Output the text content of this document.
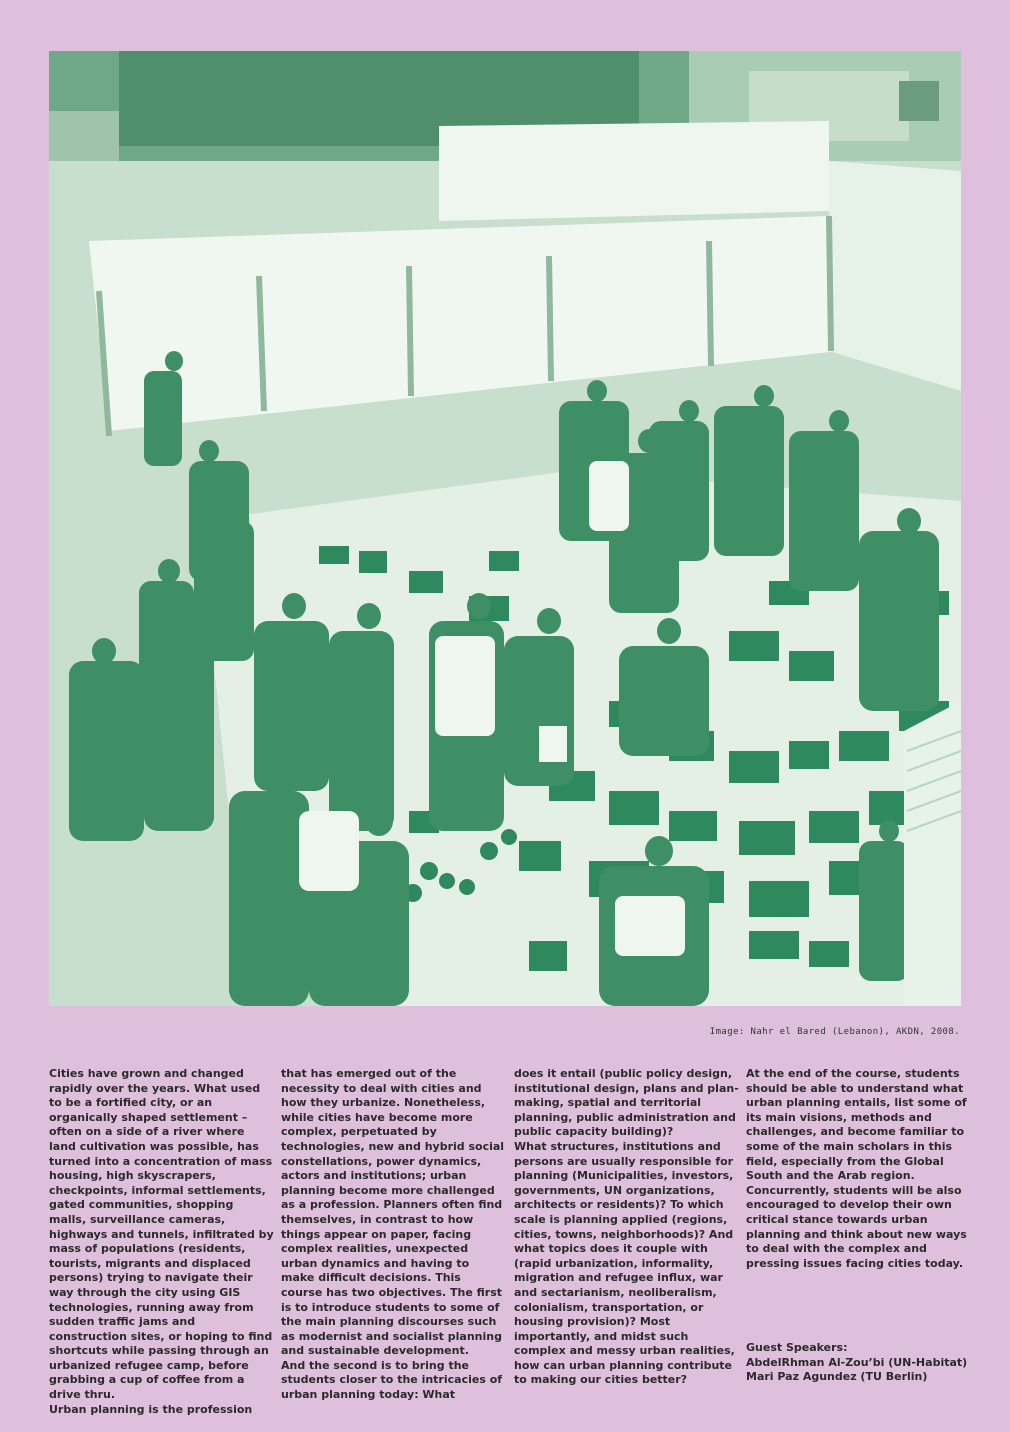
Image: Nahr el Bared (Lebanon), AKDN, 2008.

Cities have grown and changed rapidly over the years. What used to be a fortified city, or an organically shaped settlement – often on a side of a river where land cultivation was possible, has turned into a concentration of mass housing, high skyscrapers, checkpoints, informal settlements, gated communities, shopping malls, surveillance cameras, highways and tunnels, infiltrated by mass of populations (residents, tourists, migrants and displaced persons) trying to navigate their way through the city using GIS technologies, running away from sudden traffic jams and construction sites, or hoping to find shortcuts while passing through an urbanized refugee camp, before grabbing a cup of coffee from a drive thru.

Urban planning is the profession

that has emerged out of the necessity to deal with cities and how they urbanize. Nonetheless, while cities have become more complex, perpetuated by technologies, new and hybrid social constellations, power dynamics, actors and institutions; urban planning become more challenged as a profession. Planners often find themselves, in contrast to how things appear on paper, facing complex realities, unexpected urban dynamics and having to make difficult decisions. This course has two objectives. The first is to introduce students to some of the main planning discourses such as modernist and socialist planning and sustainable development.

And the second is to bring the students closer to the intricacies of urban planning today: What

does it entail (public policy design, institutional design, plans and plan-making, spatial and territorial planning, public administration and public capacity building)?

What structures, institutions and persons are usually responsible for planning (Municipalities, investors, governments, UN organizations, architects or residents)? To which scale is planning applied (regions, cities, towns, neighborhoods)? And what topics does it couple with (rapid urbanization, informality, migration and refugee influx, war and sectarianism, neoliberalism, colonialism, transportation, or housing provision)? Most importantly, and midst such complex and messy urban realities, how can urban planning contribute to making our cities better?

At the end of the course, students should be able to understand what urban planning entails, list some of its main visions, methods and challenges, and become familiar to some of the main scholars in this field, especially from the Global South and the Arab region. Concurrently, students will be also encouraged to develop their own critical stance towards urban planning and think about new ways to deal with the complex and pressing issues facing cities today.

Guest Speakers:
AbdelRhman Al-Zou’bi (UN-Habitat)
Mari Paz Agundez (TU Berlin)
